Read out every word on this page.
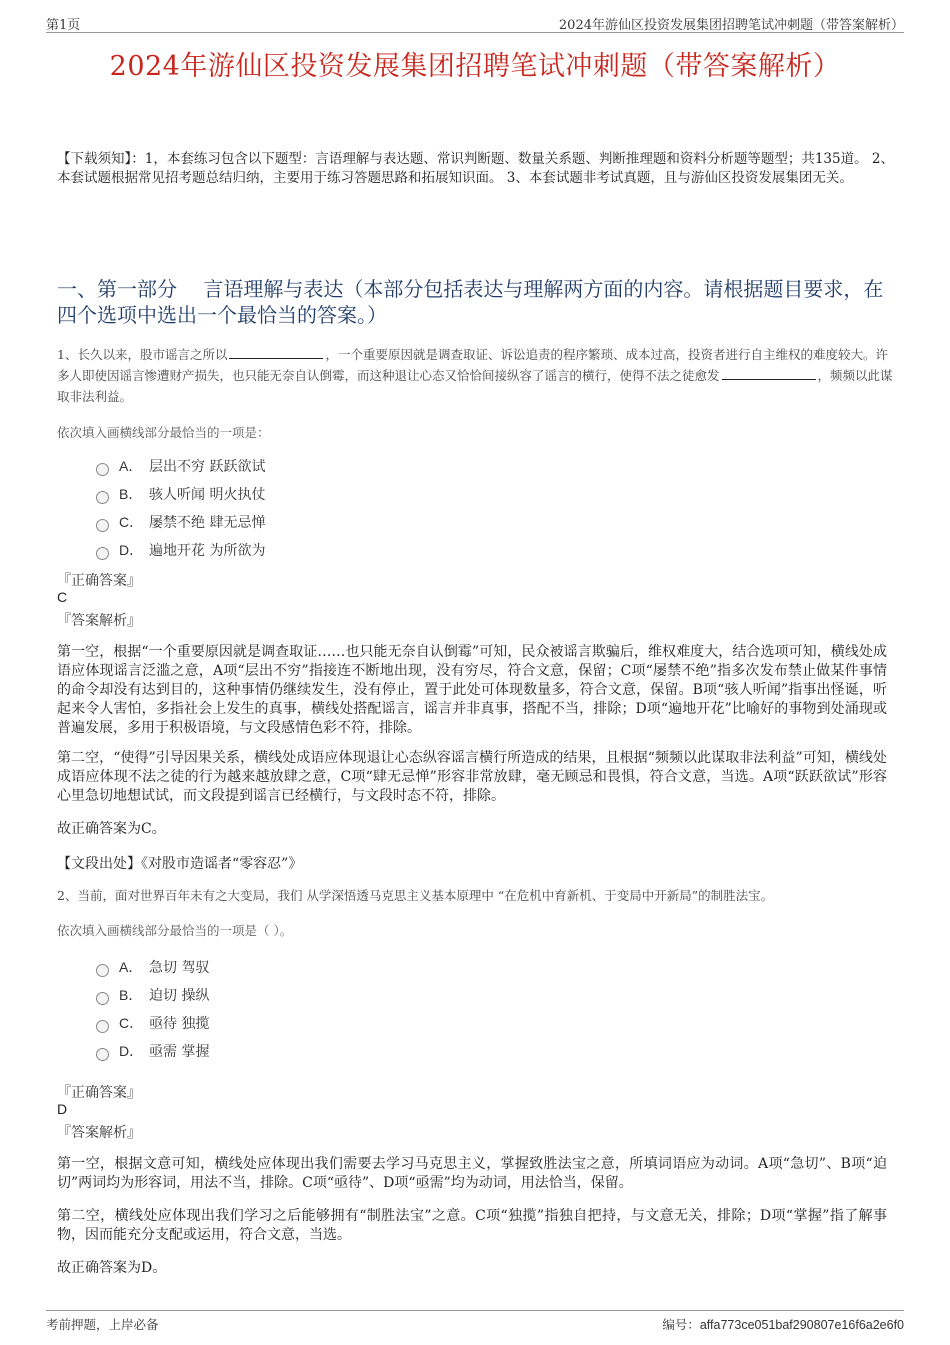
第1页	2024年游仙区投资发展集团招聘笔试冲刺题（带答案解析）
2024年游仙区投资发展集团招聘笔试冲刺题（带答案解析）
【下载须知】：1，本套练习包含以下题型：言语理解与表达题、常识判断题、数量关系题、判断推理题和资料分析题等题型；共135道。 2、本套试题根据常见招考题总结归纳，主要用于练习答题思路和拓展知识面。 3、本套试题非考试真题，且与游仙区投资发展集团无关。
一、第一部分　 言语理解与表达（本部分包括表达与理解两方面的内容。请根据题目要求，在四个选项中选出一个最恰当的答案。）
1、长久以来，股市谣言之所以	，一个重要原因就是调查取证、诉讼追责的程序繁琐、成本过高，投资者进行自主维权的难度较大。许多人即使因谣言惨遭财产损失，也只能无奈自认倒霉，而这种退让心态又恰恰间接纵容了谣言的横行，使得不法之徒愈发	，频频以此谋取非法利益。
依次填入画横线部分最恰当的一项是：
A． 层出不穷 跃跃欲试
B． 骇人听闻 明火执仗
C． 屡禁不绝 肆无忌惮
D． 遍地开花 为所欲为
『正确答案』
C
『答案解析』
第一空，根据“一个重要原因就是调查取证……也只能无奈自认倒霉”可知，民众被谣言欺骗后，维权难度大，结合选项可知，横线处成语应体现谣言泛滥之意，A项“层出不穷”指接连不断地出现，没有穷尽，符合文意，保留；C项“屡禁不绝”指多次发布禁止做某件事情的命令却没有达到目的，这种事情仍继续发生，没有停止，置于此处可体现数量多，符合文意，保留。B项“骇人听闻”指事出怪诞，听起来令人害怕，多指社会上发生的真事，横线处搭配谣言，谣言并非真事，搭配不当，排除；D项“遍地开花”比喻好的事物到处涌现或普遍发展，多用于积极语境，与文段感情色彩不符，排除。
第二空，“使得”引导因果关系，横线处成语应体现退让心态纵容谣言横行所造成的结果，且根据“频频以此谋取非法利益”可知，横线处成语应体现不法之徒的行为越来越放肆之意，C项“肆无忌惮”形容非常放肆，毫无顾忌和畏惧，符合文意，当选。A项“跃跃欲试”形容心里急切地想试试，而文段提到谣言已经横行，与文段时态不符，排除。
故正确答案为C。
【文段出处】《对股市造谣者“零容忍”》
2、当前，面对世界百年未有之大变局，我们 从学深悟透马克思主义基本原理中 “在危机中育新机、于变局中开新局”的制胜法宝。
依次填入画横线部分最恰当的一项是（ ）。
A． 急切 驾驭
B． 迫切 操纵
C． 亟待 独揽
D． 亟需 掌握
『正确答案』
D
『答案解析』
第一空，根据文意可知，横线处应体现出我们需要去学习马克思主义，掌握致胜法宝之意，所填词语应为动词。A项“急切”、B项“迫切”两词均为形容词，用法不当，排除。C项“亟待”、D项“亟需”均为动词，用法恰当，保留。
第二空，横线处应体现出我们学习之后能够拥有“制胜法宝”之意。C项“独揽”指独自把持，与文意无关，排除；D项“掌握”指了解事物，因而能充分支配或运用，符合文意，当选。
故正确答案为D。
考前押题，上岸必备	编号：affa773ce051baf290807e16f6a2e6f0
